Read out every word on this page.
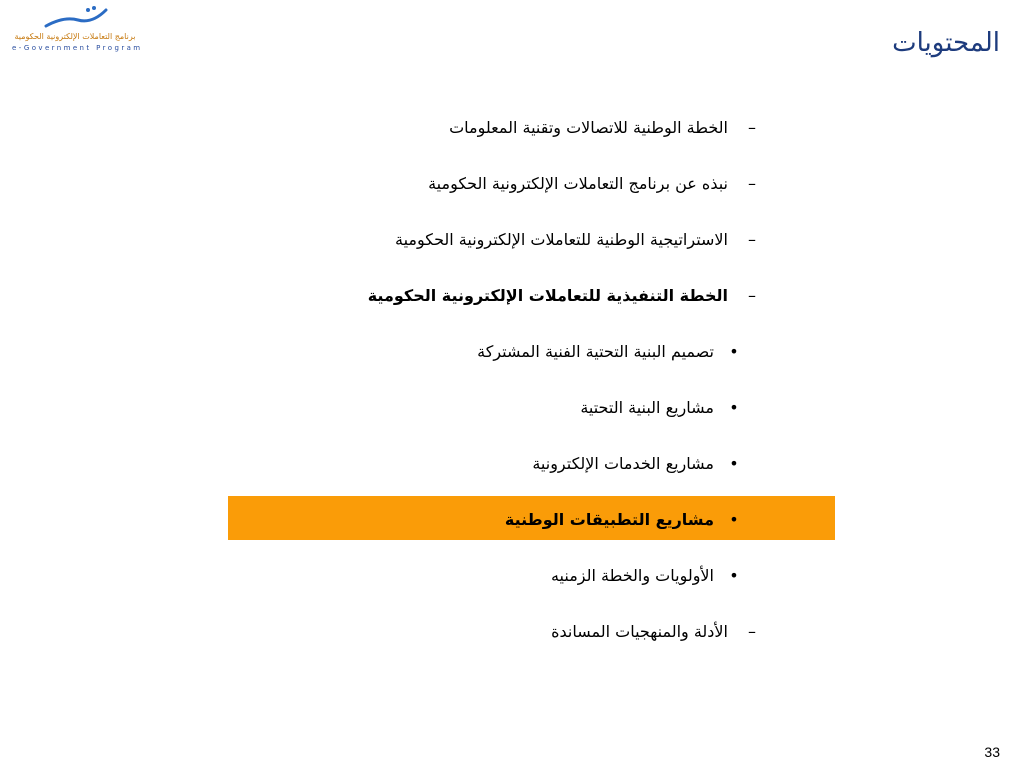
برنامج التعاملات الإلكترونية الحكومية
e-Government Program	المحتويات
–الخطة الوطنية للاتصالات وتقنية المعلومات
–نبذه عن برنامج التعاملات الإلكترونية الحكومية
–الاستراتيجية الوطنية للتعاملات الإلكترونية الحكومية
–الخطة التنفيذية للتعاملات الإلكترونية الحكومية
•تصميم البنية التحتية الفنية المشتركة
•مشاريع البنية التحتية
•مشاريع الخدمات الإلكترونية
•مشاريع التطبيقات الوطنية
•الأولويات والخطة الزمنيه
–الأدلة والمنهجيات المساندة
33
